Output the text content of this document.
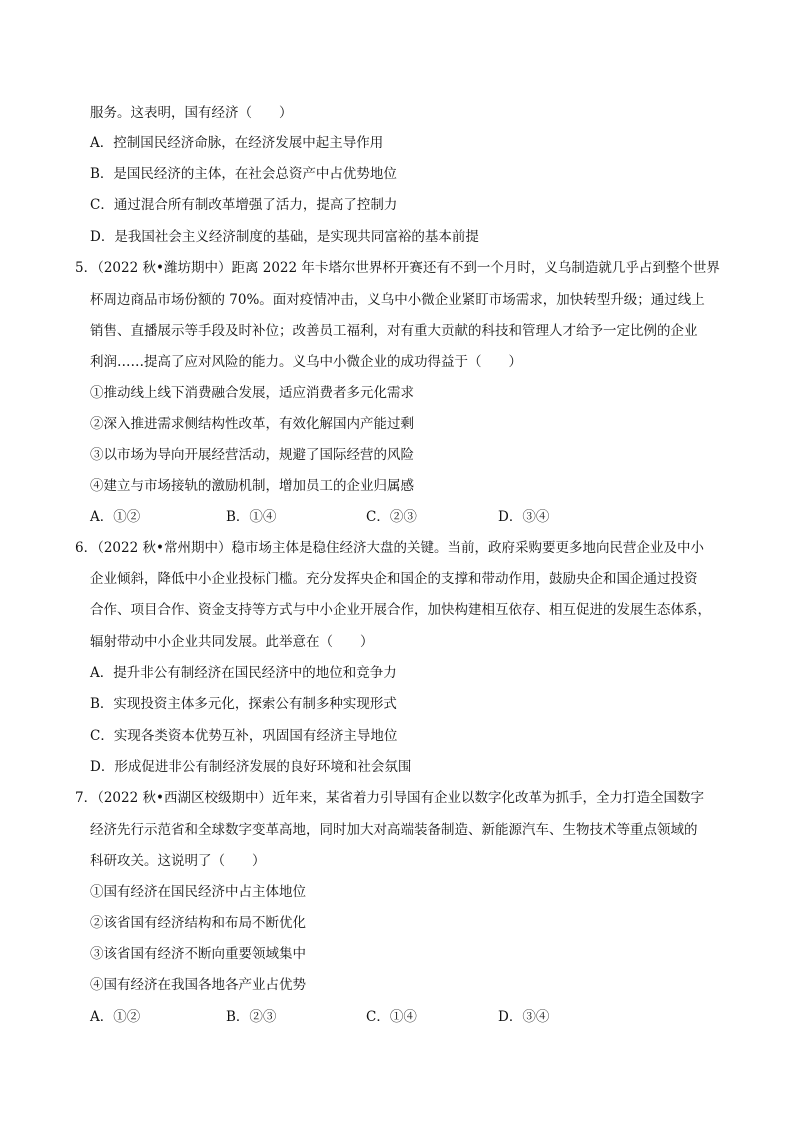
服务。这表明，国有经济（　　）
A．控制国民经济命脉，在经济发展中起主导作用
B．是国民经济的主体，在社会总资产中占优势地位
C．通过混合所有制改革增强了活力，提高了控制力
D．是我国社会主义经济制度的基础，是实现共同富裕的基本前提
5．（2022 秋•潍坊期中）距离 2022 年卡塔尔世界杯开赛还有不到一个月时，义乌制造就几乎占到整个世界
杯周边商品市场份额的 70%。面对疫情冲击，义乌中小微企业紧盯市场需求，加快转型升级；通过线上
销售、直播展示等手段及时补位；改善员工福利，对有重大贡献的科技和管理人才给予一定比例的企业
利润……提高了应对风险的能力。义乌中小微企业的成功得益于（　　）
①推动线上线下消费融合发展，适应消费者多元化需求
②深入推进需求侧结构性改革，有效化解国内产能过剩
③以市场为导向开展经营活动，规避了国际经营的风险
④建立与市场接轨的激励机制，增加员工的企业归属感
A．①②	B．①④	C．②③	D．③④
6．（2022 秋•常州期中）稳市场主体是稳住经济大盘的关键。当前，政府采购要更多地向民营企业及中小
企业倾斜，降低中小企业投标门槛。充分发挥央企和国企的支撑和带动作用，鼓励央企和国企通过投资
合作、项目合作、资金支持等方式与中小企业开展合作，加快构建相互依存、相互促进的发展生态体系，
辐射带动中小企业共同发展。此举意在（　　）
A．提升非公有制经济在国民经济中的地位和竞争力
B．实现投资主体多元化，探索公有制多种实现形式
C．实现各类资本优势互补，巩固国有经济主导地位
D．形成促进非公有制经济发展的良好环境和社会氛围
7．（2022 秋•西湖区校级期中）近年来，某省着力引导国有企业以数字化改革为抓手，全力打造全国数字
经济先行示范省和全球数字变革高地，同时加大对高端装备制造、新能源汽车、生物技术等重点领域的
科研攻关。这说明了（　　）
①国有经济在国民经济中占主体地位
②该省国有经济结构和布局不断优化
③该省国有经济不断向重要领域集中
④国有经济在我国各地各产业占优势
A．①②	B．②③	C．①④	D．③④
